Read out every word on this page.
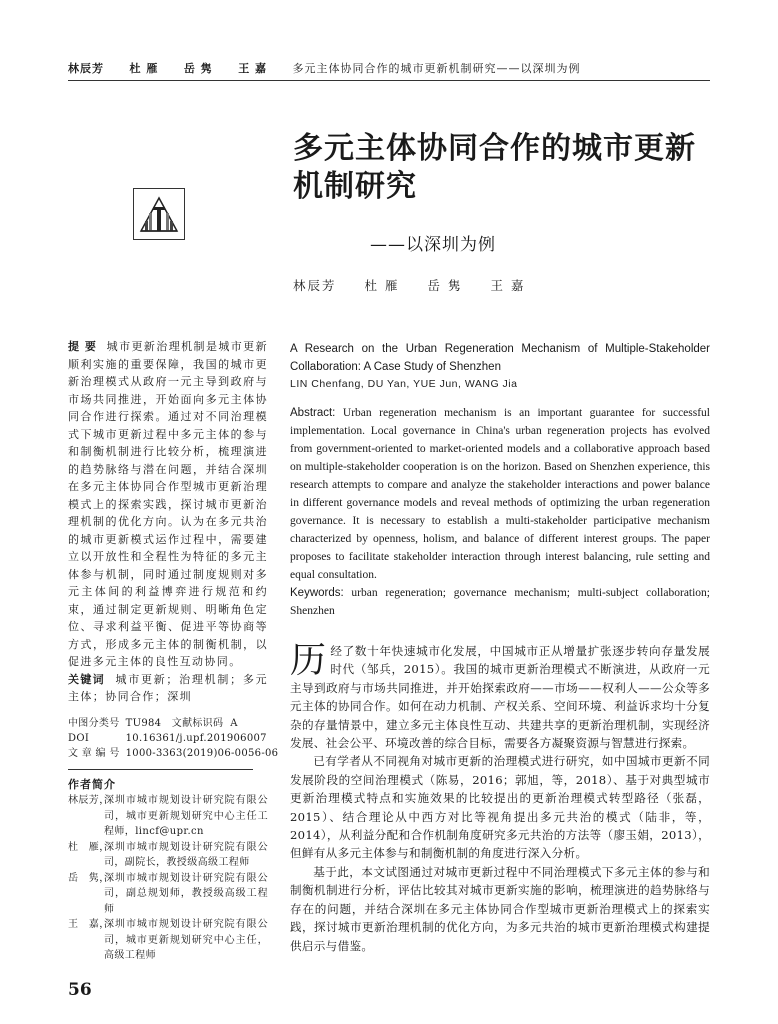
林辰芳 杜 雁 岳 隽 王 嘉 多元主体协同合作的城市更新机制研究——以深圳为例
多元主体协同合作的城市更新机制研究
——以深圳为例
林辰芳 杜 雁 岳 隽 王 嘉
提 要 城市更新治理机制是城市更新顺利实施的重要保障，我国的城市更新治理模式从政府一元主导到政府与市场共同推进，开始面向多元主体协同合作进行探索。通过对不同治理模式下城市更新过程中多元主体的参与和制衡机制进行比较分析，梳理演进的趋势脉络与潜在问题，并结合深圳在多元主体协同合作型城市更新治理模式上的探索实践，探讨城市更新治理机制的优化方向。认为在多元共治的城市更新模式运作过程中，需要建立以开放性和全程性为特征的多元主体参与机制，同时通过制度规则对多元主体间的利益博弈进行规范和约束，通过制定更新规则、明晰角色定位、寻求利益平衡、促进平等协商等方式，形成多元主体的制衡机制，以促进多元主体的良性互动协同。
关键词 城市更新；治理机制；多元主体；协同合作；深圳
中图分类号	TU984 文献标识码 A
DOI	10.16361/j.upf.201906007
文 章 编 号	1000-3363(2019)06-0056-06
作者简介
林辰芳，
深圳市城市规划设计研究院有限公司，城市更新规划研究中心主任工程师，lincf@upr.cn
杜　雁，
深圳市城市规划设计研究院有限公司，副院长，教授级高级工程师
岳　隽，
深圳市城市规划设计研究院有限公司，副总规划师，教授级高级工程师
王　嘉，
深圳市城市规划设计研究院有限公司，城市更新规划研究中心主任，高级工程师
56
A Research on the Urban Regeneration Mechanism of Multiple-Stakeholder Collaboration: A Case Study of Shenzhen
LIN Chenfang, DU Yan, YUE Jun, WANG Jia
Abstract: Urban regeneration mechanism is an important guarantee for successful implementation. Local governance in China's urban regeneration projects has evolved from government-oriented to market-oriented models and a collaborative approach based on multiple-stakeholder cooperation is on the horizon. Based on Shenzhen experience, this research attempts to compare and analyze the stakeholder interactions and power balance in different governance models and reveal methods of optimizing the urban regeneration governance. It is necessary to establish a multi-stakeholder participative mechanism characterized by openness, holism, and balance of different interest groups. The paper proposes to facilitate stakeholder interaction through interest balancing, rule setting and equal consultation.
Keywords: urban regeneration; governance mechanism; multi-subject collaboration; Shenzhen

历经了数十年快速城市化发展，中国城市正从增量扩张逐步转向存量发展时代（邹兵，2015）。我国的城市更新治理模式不断演进，从政府一元主导到政府与市场共同推进，并开始探索政府——市场——权利人——公众等多元主体的协同合作。如何在动力机制、产权关系、空间环境、利益诉求均十分复杂的存量情景中，建立多元主体良性互动、共建共享的更新治理机制，实现经济发展、社会公平、环境改善的综合目标，需要各方凝聚资源与智慧进行探索。

已有学者从不同视角对城市更新的治理模式进行研究，如中国城市更新不同发展阶段的空间治理模式（陈易，2016；郭旭，等，2018）、基于对典型城市更新治理模式特点和实施效果的比较提出的更新治理模式转型路径（张磊，2015）、结合理论从中西方对比等视角提出多元共治的模式（陆非，等，2014），从利益分配和合作机制角度研究多元共治的方法等（廖玉娟，2013），但鲜有从多元主体参与和制衡机制的角度进行深入分析。

基于此，本文试图通过对城市更新过程中不同治理模式下多元主体的参与和制衡机制进行分析，评估比较其对城市更新实施的影响，梳理演进的趋势脉络与存在的问题，并结合深圳在多元主体协同合作型城市更新治理模式上的探索实践，探讨城市更新治理机制的优化方向，为多元共治的城市更新治理模式构建提供启示与借鉴。
